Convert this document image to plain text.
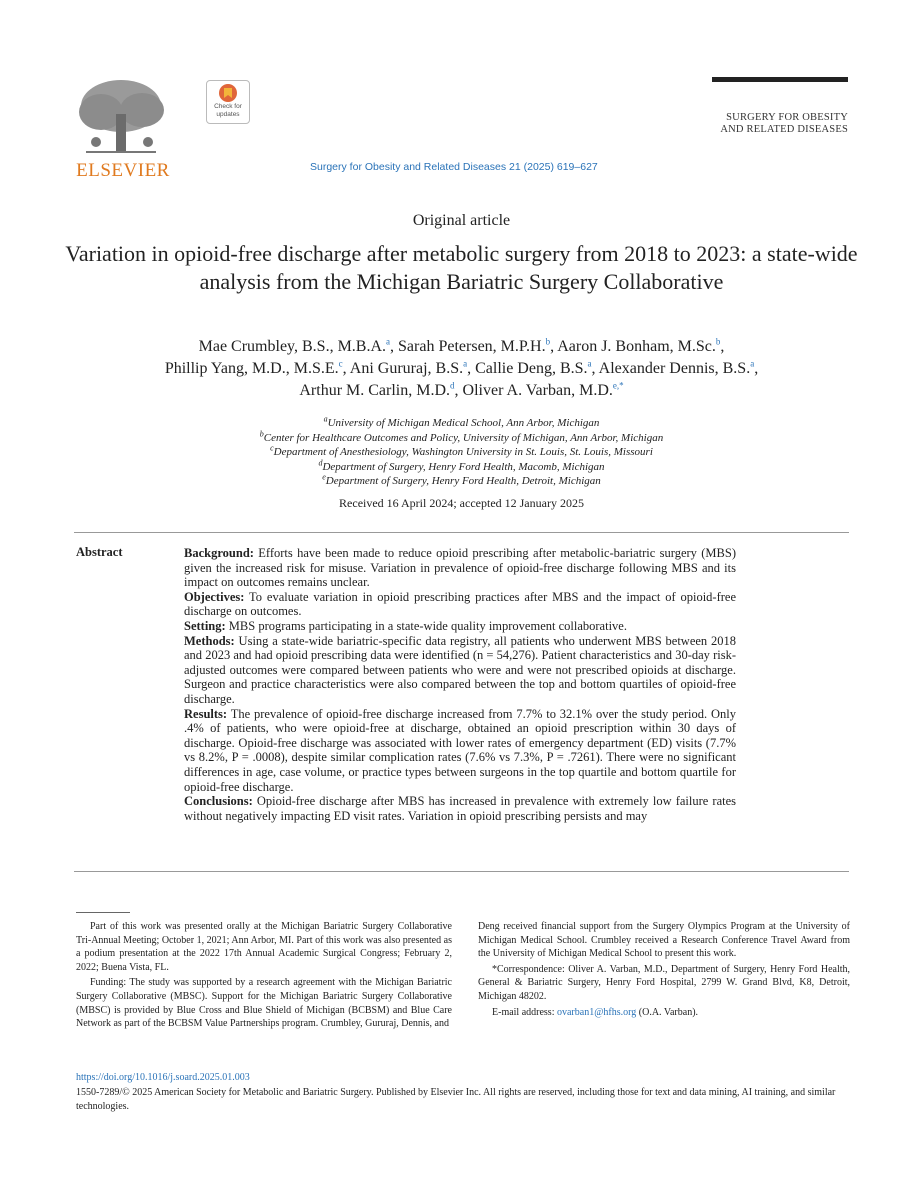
ELSEVIER
Check for updates
Surgery for Obesity and Related Diseases 21 (2025) 619–627
SURGERY FOR OBESITY
AND RELATED DISEASES
Original article
Variation in opioid-free discharge after metabolic surgery from 2018 to 2023: a state-wide analysis from the Michigan Bariatric Surgery Collaborative
Mae Crumbley, B.S., M.B.A.$^a$, Sarah Petersen, M.P.H.$^b$, Aaron J. Bonham, M.Sc.$^b$,
Phillip Yang, M.D., M.S.E.$^c$, Ani Gururaj, B.S.$^a$, Callie Deng, B.S.$^a$, Alexander Dennis, B.S.$^a$,
Arthur M. Carlin, M.D.$^d$, Oliver A. Varban, M.D.$^{e,*}$
$^a$University of Michigan Medical School, Ann Arbor, Michigan
$^b$Center for Healthcare Outcomes and Policy, University of Michigan, Ann Arbor, Michigan
$^c$Department of Anesthesiology, Washington University in St. Louis, St. Louis, Missouri
$^d$Department of Surgery, Henry Ford Health, Macomb, Michigan
$^e$Department of Surgery, Henry Ford Health, Detroit, Michigan
Received 16 April 2024; accepted 12 January 2025
Abstract	Background: Efforts have been made to reduce opioid prescribing after metabolic-bariatric surgery (MBS) given the increased risk for misuse. Variation in prevalence of opioid-free discharge following MBS and its impact on outcomes remains unclear.
Objectives: To evaluate variation in opioid prescribing practices after MBS and the impact of opioid-free discharge on outcomes.
Setting: MBS programs participating in a state-wide quality improvement collaborative.
Methods: Using a state-wide bariatric-specific data registry, all patients who underwent MBS between 2018 and 2023 and had opioid prescribing data were identified (n = 54,276). Patient characteristics and 30-day risk-adjusted outcomes were compared between patients who were and were not prescribed opioids at discharge. Surgeon and practice characteristics were also compared between the top and bottom quartiles of opioid-free discharge.
Results: The prevalence of opioid-free discharge increased from 7.7% to 32.1% over the study period. Only .4% of patients, who were opioid-free at discharge, obtained an opioid prescription within 30 days of discharge. Opioid-free discharge was associated with lower rates of emergency department (ED) visits (7.7% vs 8.2%, P = .0008), despite similar complication rates (7.6% vs 7.3%, P = .7261). There were no significant differences in age, case volume, or practice types between surgeons in the top quartile and bottom quartile for opioid-free discharge.
Conclusions: Opioid-free discharge after MBS has increased in prevalence with extremely low failure rates without negatively impacting ED visit rates. Variation in opioid prescribing persists and may

Part of this work was presented orally at the Michigan Bariatric Surgery Collaborative Tri-Annual Meeting; October 1, 2021; Ann Arbor, MI. Part of this work was also presented as a podium presentation at the 2022 17th Annual Academic Surgical Congress; February 2, 2022; Buena Vista, FL.

Funding: The study was supported by a research agreement with the Michigan Bariatric Surgery Collaborative (MBSC). Support for the Michigan Bariatric Surgery Collaborative (MBSC) is provided by Blue Cross and Blue Shield of Michigan (BCBSM) and Blue Care Network as part of the BCBSM Value Partnerships program. Crumbley, Gururaj, Dennis, and

Deng received financial support from the Surgery Olympics Program at the University of Michigan Medical School. Crumbley received a Research Conference Travel Award from the University of Michigan Medical School to present this work.

*Correspondence: Oliver A. Varban, M.D., Department of Surgery, Henry Ford Health, General & Bariatric Surgery, Henry Ford Hospital, 2799 W. Grand Blvd, K8, Detroit, Michigan 48202.

E-mail address: ovarban1@hfhs.org (O.A. Varban).

https://doi.org/10.1016/j.soard.2025.01.003
1550-7289/© 2025 American Society for Metabolic and Bariatric Surgery. Published by Elsevier Inc. All rights are reserved, including those for text and data mining, AI training, and similar technologies.
